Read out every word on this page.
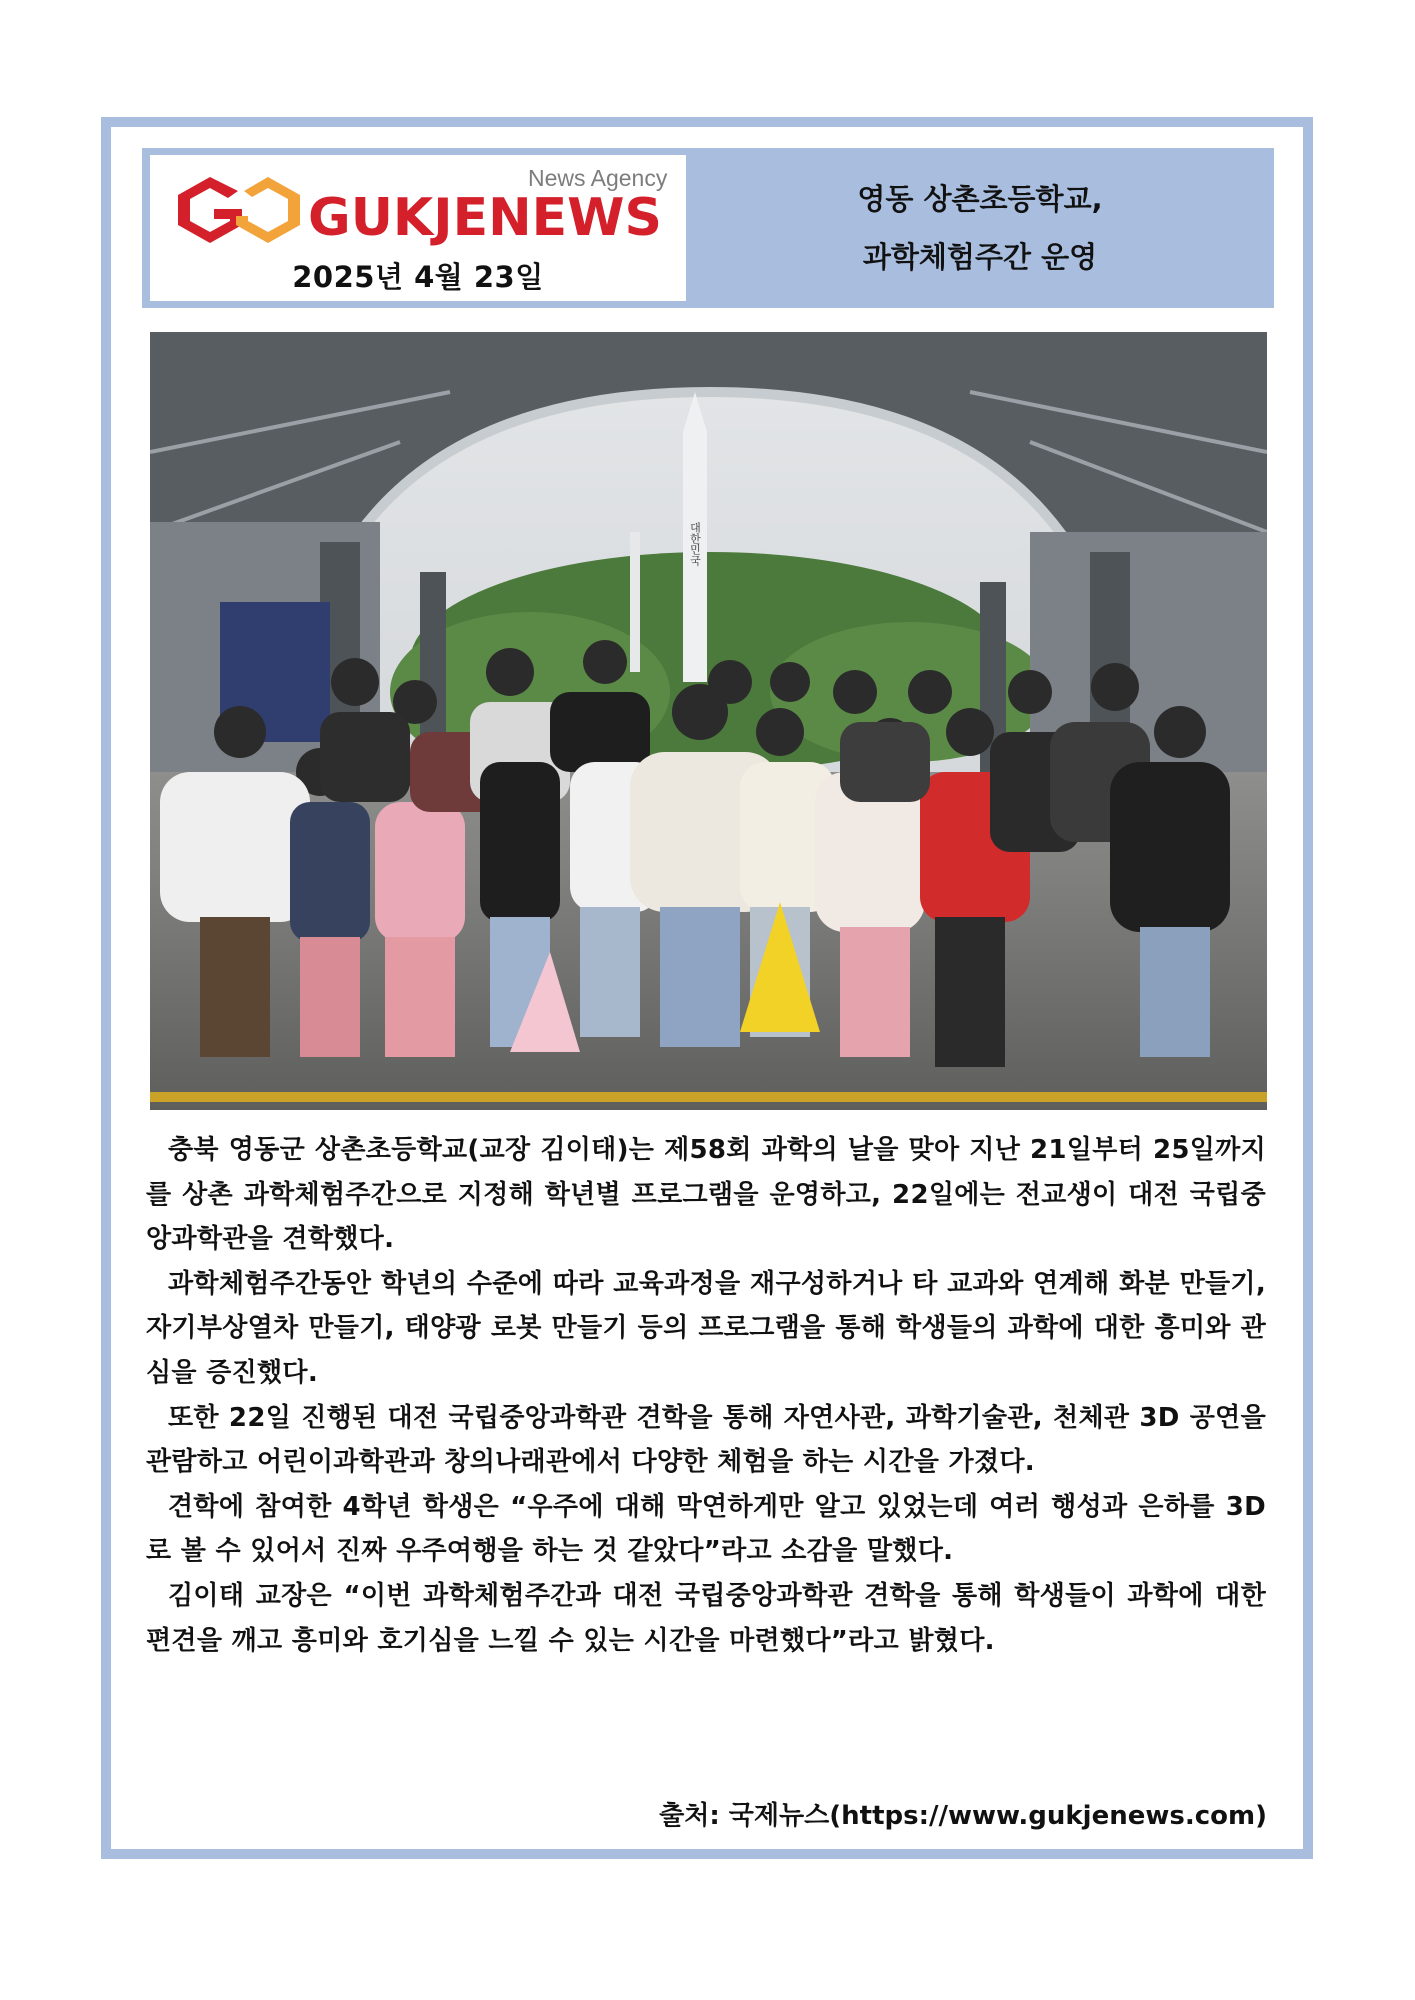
GUKJENEWS
News Agency
2025년 4월 23일
영동 상촌초등학교,
과학체험주간 운영
대한민국

충북 영동군 상촌초등학교(교장 김이태)는 제58회 과학의 날을 맞아 지난 21일부터 25일까지를 상촌 과학체험주간으로 지정해 학년별 프로그램을 운영하고, 22일에는 전교생이 대전 국립중앙과학관을 견학했다.

과학체험주간동안 학년의 수준에 따라 교육과정을 재구성하거나 타 교과와 연계해 화분 만들기, 자기부상열차 만들기, 태양광 로봇 만들기 등의 프로그램을 통해 학생들의 과학에 대한 흥미와 관심을 증진했다.

또한 22일 진행된 대전 국립중앙과학관 견학을 통해 자연사관, 과학기술관, 천체관 3D 공연을 관람하고 어린이과학관과 창의나래관에서 다양한 체험을 하는 시간을 가졌다.

견학에 참여한 4학년 학생은 “우주에 대해 막연하게만 알고 있었는데 여러 행성과 은하를 3D로 볼 수 있어서 진짜 우주여행을 하는 것 같았다”라고 소감을 말했다.

김이태 교장은 “이번 과학체험주간과 대전 국립중앙과학관 견학을 통해 학생들이 과학에 대한 편견을 깨고 흥미와 호기심을 느낄 수 있는 시간을 마련했다”라고 밝혔다.

출처: 국제뉴스(https://www.gukjenews.com)
